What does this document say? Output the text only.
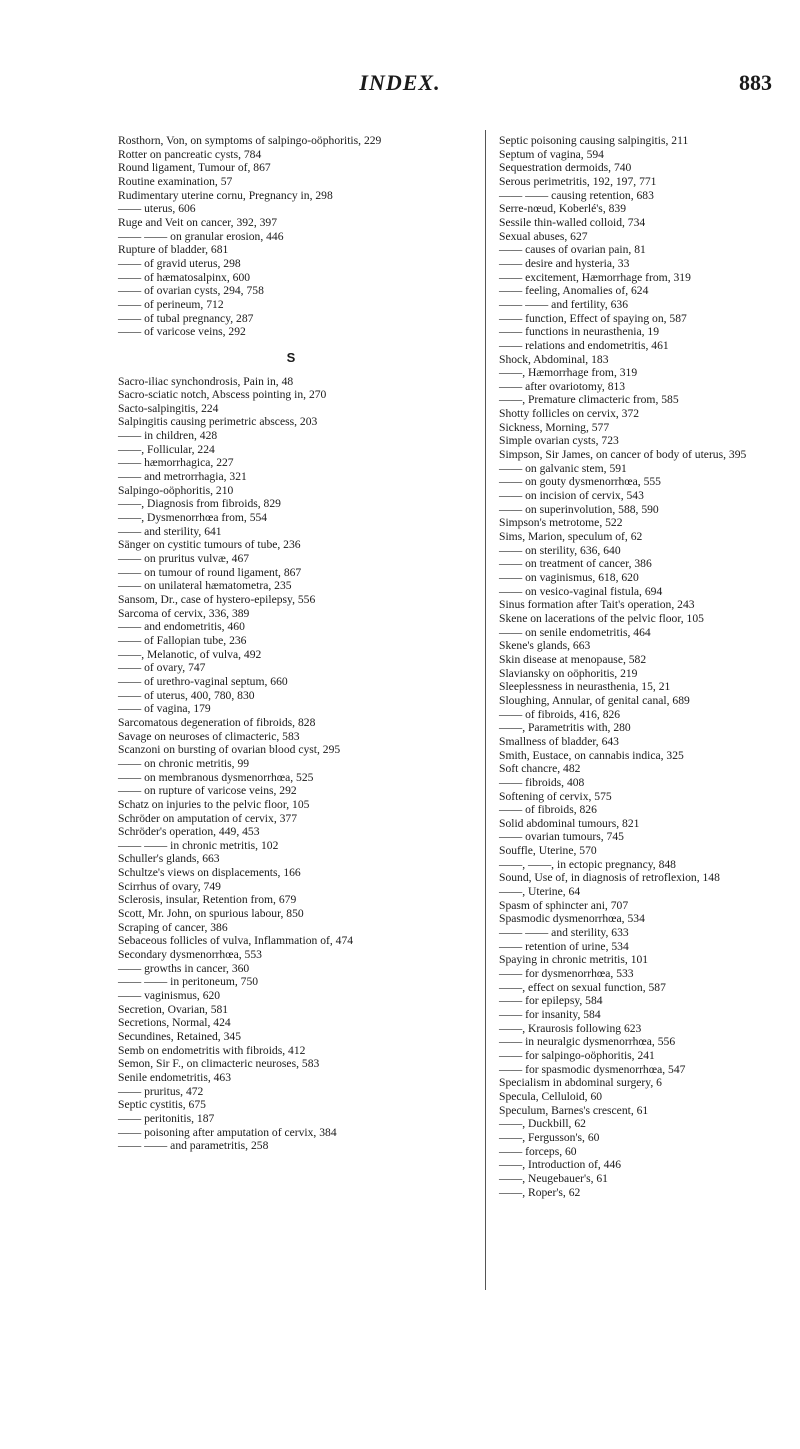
INDEX.	883
Rosthorn, Von, on symptoms of salpingo-oöphoritis, 229
Rotter on pancreatic cysts, 784
Round ligament, Tumour of, 867
Routine examination, 57
Rudimentary uterine cornu, Pregnancy in, 298
—— uterus, 606
Ruge and Veit on cancer, 392, 397
—— —— on granular erosion, 446
Rupture of bladder, 681
—— of gravid uterus, 298
—— of hæmatosalpinx, 600
—— of ovarian cysts, 294, 758
—— of perineum, 712
—— of tubal pregnancy, 287
—— of varicose veins, 292
S
Sacro-iliac synchondrosis, Pain in, 48
Sacro-sciatic notch, Abscess pointing in, 270
Sacto-salpingitis, 224
Salpingitis causing perimetric abscess, 203
—— in children, 428
——, Follicular, 224
—— hæmorrhagica, 227
—— and metrorrhagia, 321
Salpingo-oöphoritis, 210
——, Diagnosis from fibroids, 829
——, Dysmenorrhœa from, 554
—— and sterility, 641
Sänger on cystitic tumours of tube, 236
—— on pruritus vulvæ, 467
—— on tumour of round ligament, 867
—— on unilateral hæmatometra, 235
Sansom, Dr., case of hystero-epilepsy, 556
Sarcoma of cervix, 336, 389
—— and endometritis, 460
—— of Fallopian tube, 236
——, Melanotic, of vulva, 492
—— of ovary, 747
—— of urethro-vaginal septum, 660
—— of uterus, 400, 780, 830
—— of vagina, 179
Sarcomatous degeneration of fibroids, 828
Savage on neuroses of climacteric, 583
Scanzoni on bursting of ovarian blood cyst, 295
—— on chronic metritis, 99
—— on membranous dysmenorrhœa, 525
—— on rupture of varicose veins, 292
Schatz on injuries to the pelvic floor, 105
Schröder on amputation of cervix, 377
Schröder's operation, 449, 453
—— —— in chronic metritis, 102
Schuller's glands, 663
Schultze's views on displacements, 166
Scirrhus of ovary, 749
Sclerosis, insular, Retention from, 679
Scott, Mr. John, on spurious labour, 850
Scraping of cancer, 386
Sebaceous follicles of vulva, Inflammation of, 474
Secondary dysmenorrhœa, 553
—— growths in cancer, 360
—— —— in peritoneum, 750
—— vaginismus, 620
Secretion, Ovarian, 581
Secretions, Normal, 424
Secundines, Retained, 345
Semb on endometritis with fibroids, 412
Semon, Sir F., on climacteric neuroses, 583
Senile endometritis, 463
—— pruritus, 472
Septic cystitis, 675
—— peritonitis, 187
—— poisoning after amputation of cervix, 384
—— —— and parametritis, 258
Septic poisoning causing salpingitis, 211
Septum of vagina, 594
Sequestration dermoids, 740
Serous perimetritis, 192, 197, 771
—— —— causing retention, 683
Serre-nœud, Koberlé's, 839
Sessile thin-walled colloid, 734
Sexual abuses, 627
—— causes of ovarian pain, 81
—— desire and hysteria, 33
—— excitement, Hæmorrhage from, 319
—— feeling, Anomalies of, 624
—— —— and fertility, 636
—— function, Effect of spaying on, 587
—— functions in neurasthenia, 19
—— relations and endometritis, 461
Shock, Abdominal, 183
——, Hæmorrhage from, 319
—— after ovariotomy, 813
——, Premature climacteric from, 585
Shotty follicles on cervix, 372
Sickness, Morning, 577
Simple ovarian cysts, 723
Simpson, Sir James, on cancer of body of uterus, 395
—— on galvanic stem, 591
—— on gouty dysmenorrhœa, 555
—— on incision of cervix, 543
—— on superinvolution, 588, 590
Simpson's metrotome, 522
Sims, Marion, speculum of, 62
—— on sterility, 636, 640
—— on treatment of cancer, 386
—— on vaginismus, 618, 620
—— on vesico-vaginal fistula, 694
Sinus formation after Tait's operation, 243
Skene on lacerations of the pelvic floor, 105
—— on senile endometritis, 464
Skene's glands, 663
Skin disease at menopause, 582
Slaviansky on oöphoritis, 219
Sleeplessness in neurasthenia, 15, 21
Sloughing, Annular, of genital canal, 689
—— of fibroids, 416, 826
——, Parametritis with, 280
Smallness of bladder, 643
Smith, Eustace, on cannabis indica, 325
Soft chancre, 482
—— fibroids, 408
Softening of cervix, 575
—— of fibroids, 826
Solid abdominal tumours, 821
—— ovarian tumours, 745
Souffle, Uterine, 570
——, ——, in ectopic pregnancy, 848
Sound, Use of, in diagnosis of retroflexion, 148
——, Uterine, 64
Spasm of sphincter ani, 707
Spasmodic dysmenorrhœa, 534
—— —— and sterility, 633
—— retention of urine, 534
Spaying in chronic metritis, 101
—— for dysmenorrhœa, 533
——, effect on sexual function, 587
—— for epilepsy, 584
—— for insanity, 584
——, Kraurosis following 623
—— in neuralgic dysmenorrhœa, 556
—— for salpingo-oöphoritis, 241
—— for spasmodic dysmenorrhœa, 547
Specialism in abdominal surgery, 6
Specula, Celluloid, 60
Speculum, Barnes's crescent, 61
——, Duckbill, 62
——, Fergusson's, 60
—— forceps, 60
——, Introduction of, 446
——, Neugebauer's, 61
——, Roper's, 62
